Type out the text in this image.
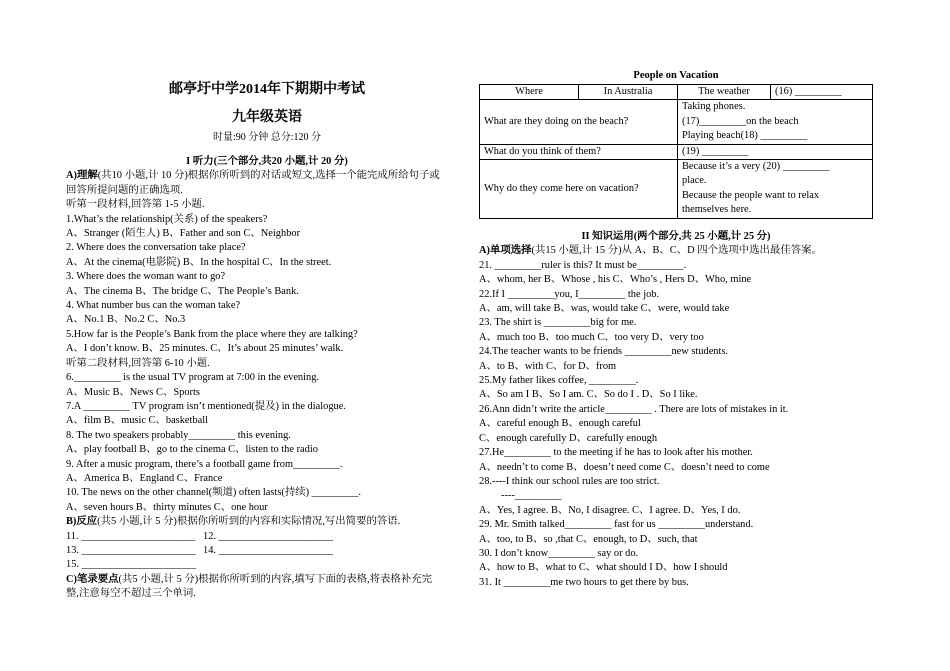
邮亭圩中学2014年下期期中考试
九年级英语
时量:90 分钟 总分:120 分
I 听力(三个部分,共20 小题,计 20 分)
A)理解(共10 小题,计 10 分)根据你所听到的对话或短文,选择一个能完成所给句子或
回答所提问题的正确选项.
听第一段材料,回答第 1-5 小题.
1.What’s the relationship(关系) of the speakers?
A、Stranger (陌生人) B、Father and son C、Neighbor
2. Where does the conversation take place?
A、At the cinema(电影院) B、In the hospital C、In the street.
3. Where does the woman want to go?
A、The cinema B、The bridge C、The People’s Bank.
4. What number bus can the woman take?
A、No.1 B、No.2 C、No.3
5.How far is the People’s Bank from the place where they are talking?
A、I don’t know. B、25 minutes. C、It’s about 25 minutes’ walk.
听第二段材料,回答第 6-10 小题.
6._________ is the usual TV program at 7:00 in the evening.
A、Music B、News C、Sports
7.A _________ TV program isn’t mentioned(提及) in the dialogue.
A、film B、music C、basketball
8. The two speakers probably_________ this evening.
A、play football B、go to the cinema C、listen to the radio
9. After a music program, there’s a football game from_________.
A、America B、England C、France
10. The news on the other channel(频道) often lasts(持续) _________.
A、seven hours B、thirty minutes C、one hour
B)反应(共5 小题,计 5 分)根据你所听到的内容和实际情况,写出简要的答语.
11. ______________________ 12. ______________________
13. ______________________ 14. ______________________
15. ______________________
C)笔录要点(共5 小题,计 5 分)根据你所听到的内容,填写下面的表格,将表格补充完
整,注意每空不超过三个单词.
People on Vacation
Where	In Australia	The weather	(16) _________
What are they doing on the beach?		Taking phones.
(17)_________on the beach
Playing beach(18) _________	

What do you think of them?		(19) _________	
Why do they come here on vacation?		Because it’s a very (20) _________
place.
Because the people want to relax
themselves here.	
II 知识运用(两个部分,共 25 小题,计 25 分)
A)单项选择(共15 小题,计 15 分)从 A、B、C、D 四个选项中选出最佳答案。
21. _________ruler is this? It must be_________.
A、whom, her B、Whose , his C、Who’s , Hers D、Who, mine
22.If I _________you, I_________ the job.
A、am, will take B、was, would take C、were, would take
23. The shirt is _________big for me.
A、much too B、too much C、too very D、very too
24.The teacher wants to be friends _________new students.
A、to B、with C、for D、from
25.My father likes coffee, _________.
A、So am I B、So I am. C、So do I . D、So I like.
26.Ann didn’t write the article_________ . There are lots of mistakes in it.
A、careful enough B、enough careful
C、enough carefully D、carefully enough
27.He_________ to the meeting if he has to look after his mother.
A、needn’t to come B、doesn’t need come C、doesn’t need to come
28.----I think our school rules are too strict.
----_________
A、Yes, I agree. B、No, I disagree. C、I agree. D、Yes, I do.
29. Mr. Smith talked_________ fast for us _________understand.
A、too, to B、so ,that C、enough, to D、such, that
30. I don’t know_________ say or do.
A、how to B、what to C、what should I D、how I should
31. It _________me two hours to get there by bus.
